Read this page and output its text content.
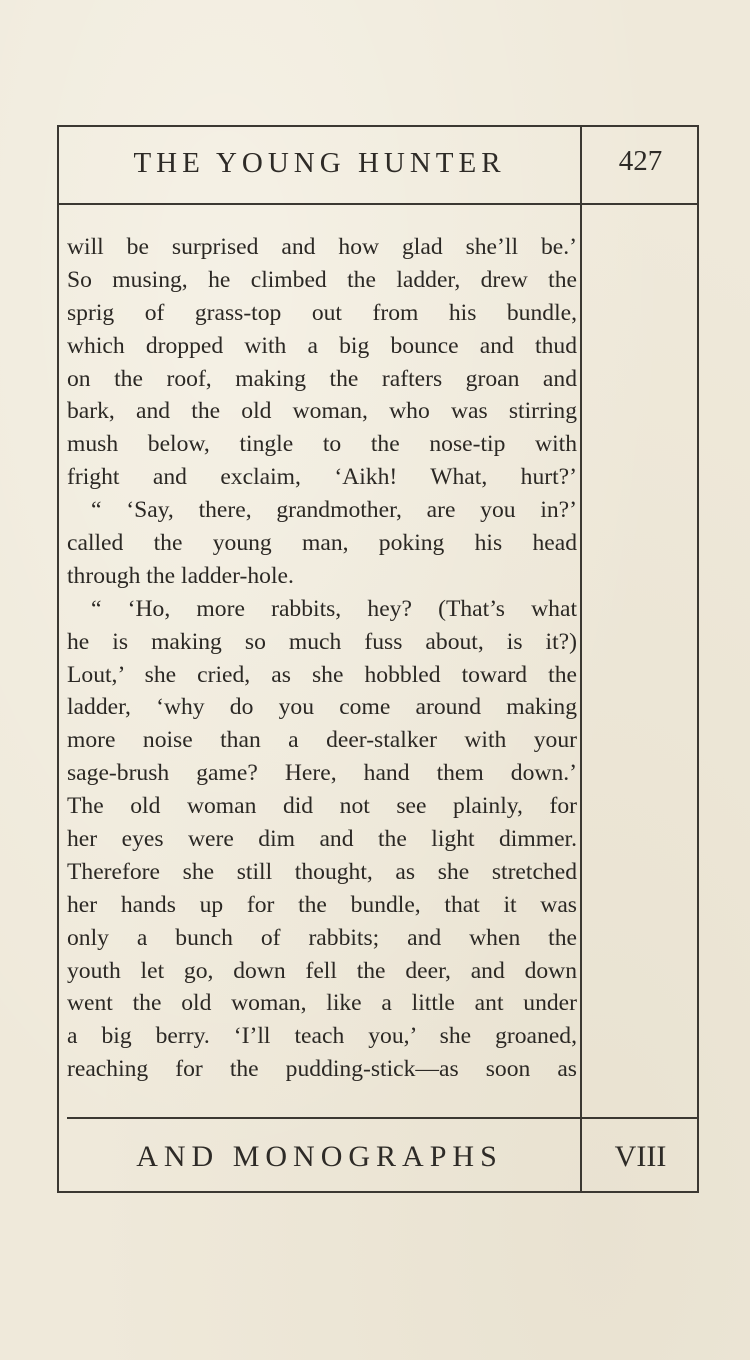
THE YOUNG HUNTER	427
will be surprised and how glad she’ll be.’
So musing, he climbed the ladder, drew the
sprig of grass-top out from his bundle,
which dropped with a big bounce and thud
on the roof, making the rafters groan and
bark, and the old woman, who was stirring
mush below, tingle to the nose-tip with
fright and exclaim, ‘Aikh! What, hurt?’
“ ‘Say, there, grandmother, are you in?’
called the young man, poking his head
through the ladder-hole.
“ ‘Ho, more rabbits, hey? (That’s what
he is making so much fuss about, is it?)
Lout,’ she cried, as she hobbled toward the
ladder, ‘why do you come around making
more noise than a deer-stalker with your
sage-brush game? Here, hand them down.’
The old woman did not see plainly, for
her eyes were dim and the light dimmer.
Therefore she still thought, as she stretched
her hands up for the bundle, that it was
only a bunch of rabbits; and when the
youth let go, down fell the deer, and down
went the old woman, like a little ant under
a big berry. ‘I’ll teach you,’ she groaned,
reaching for the pudding-stick—as soon as
AND MONOGRAPHS	VIII
